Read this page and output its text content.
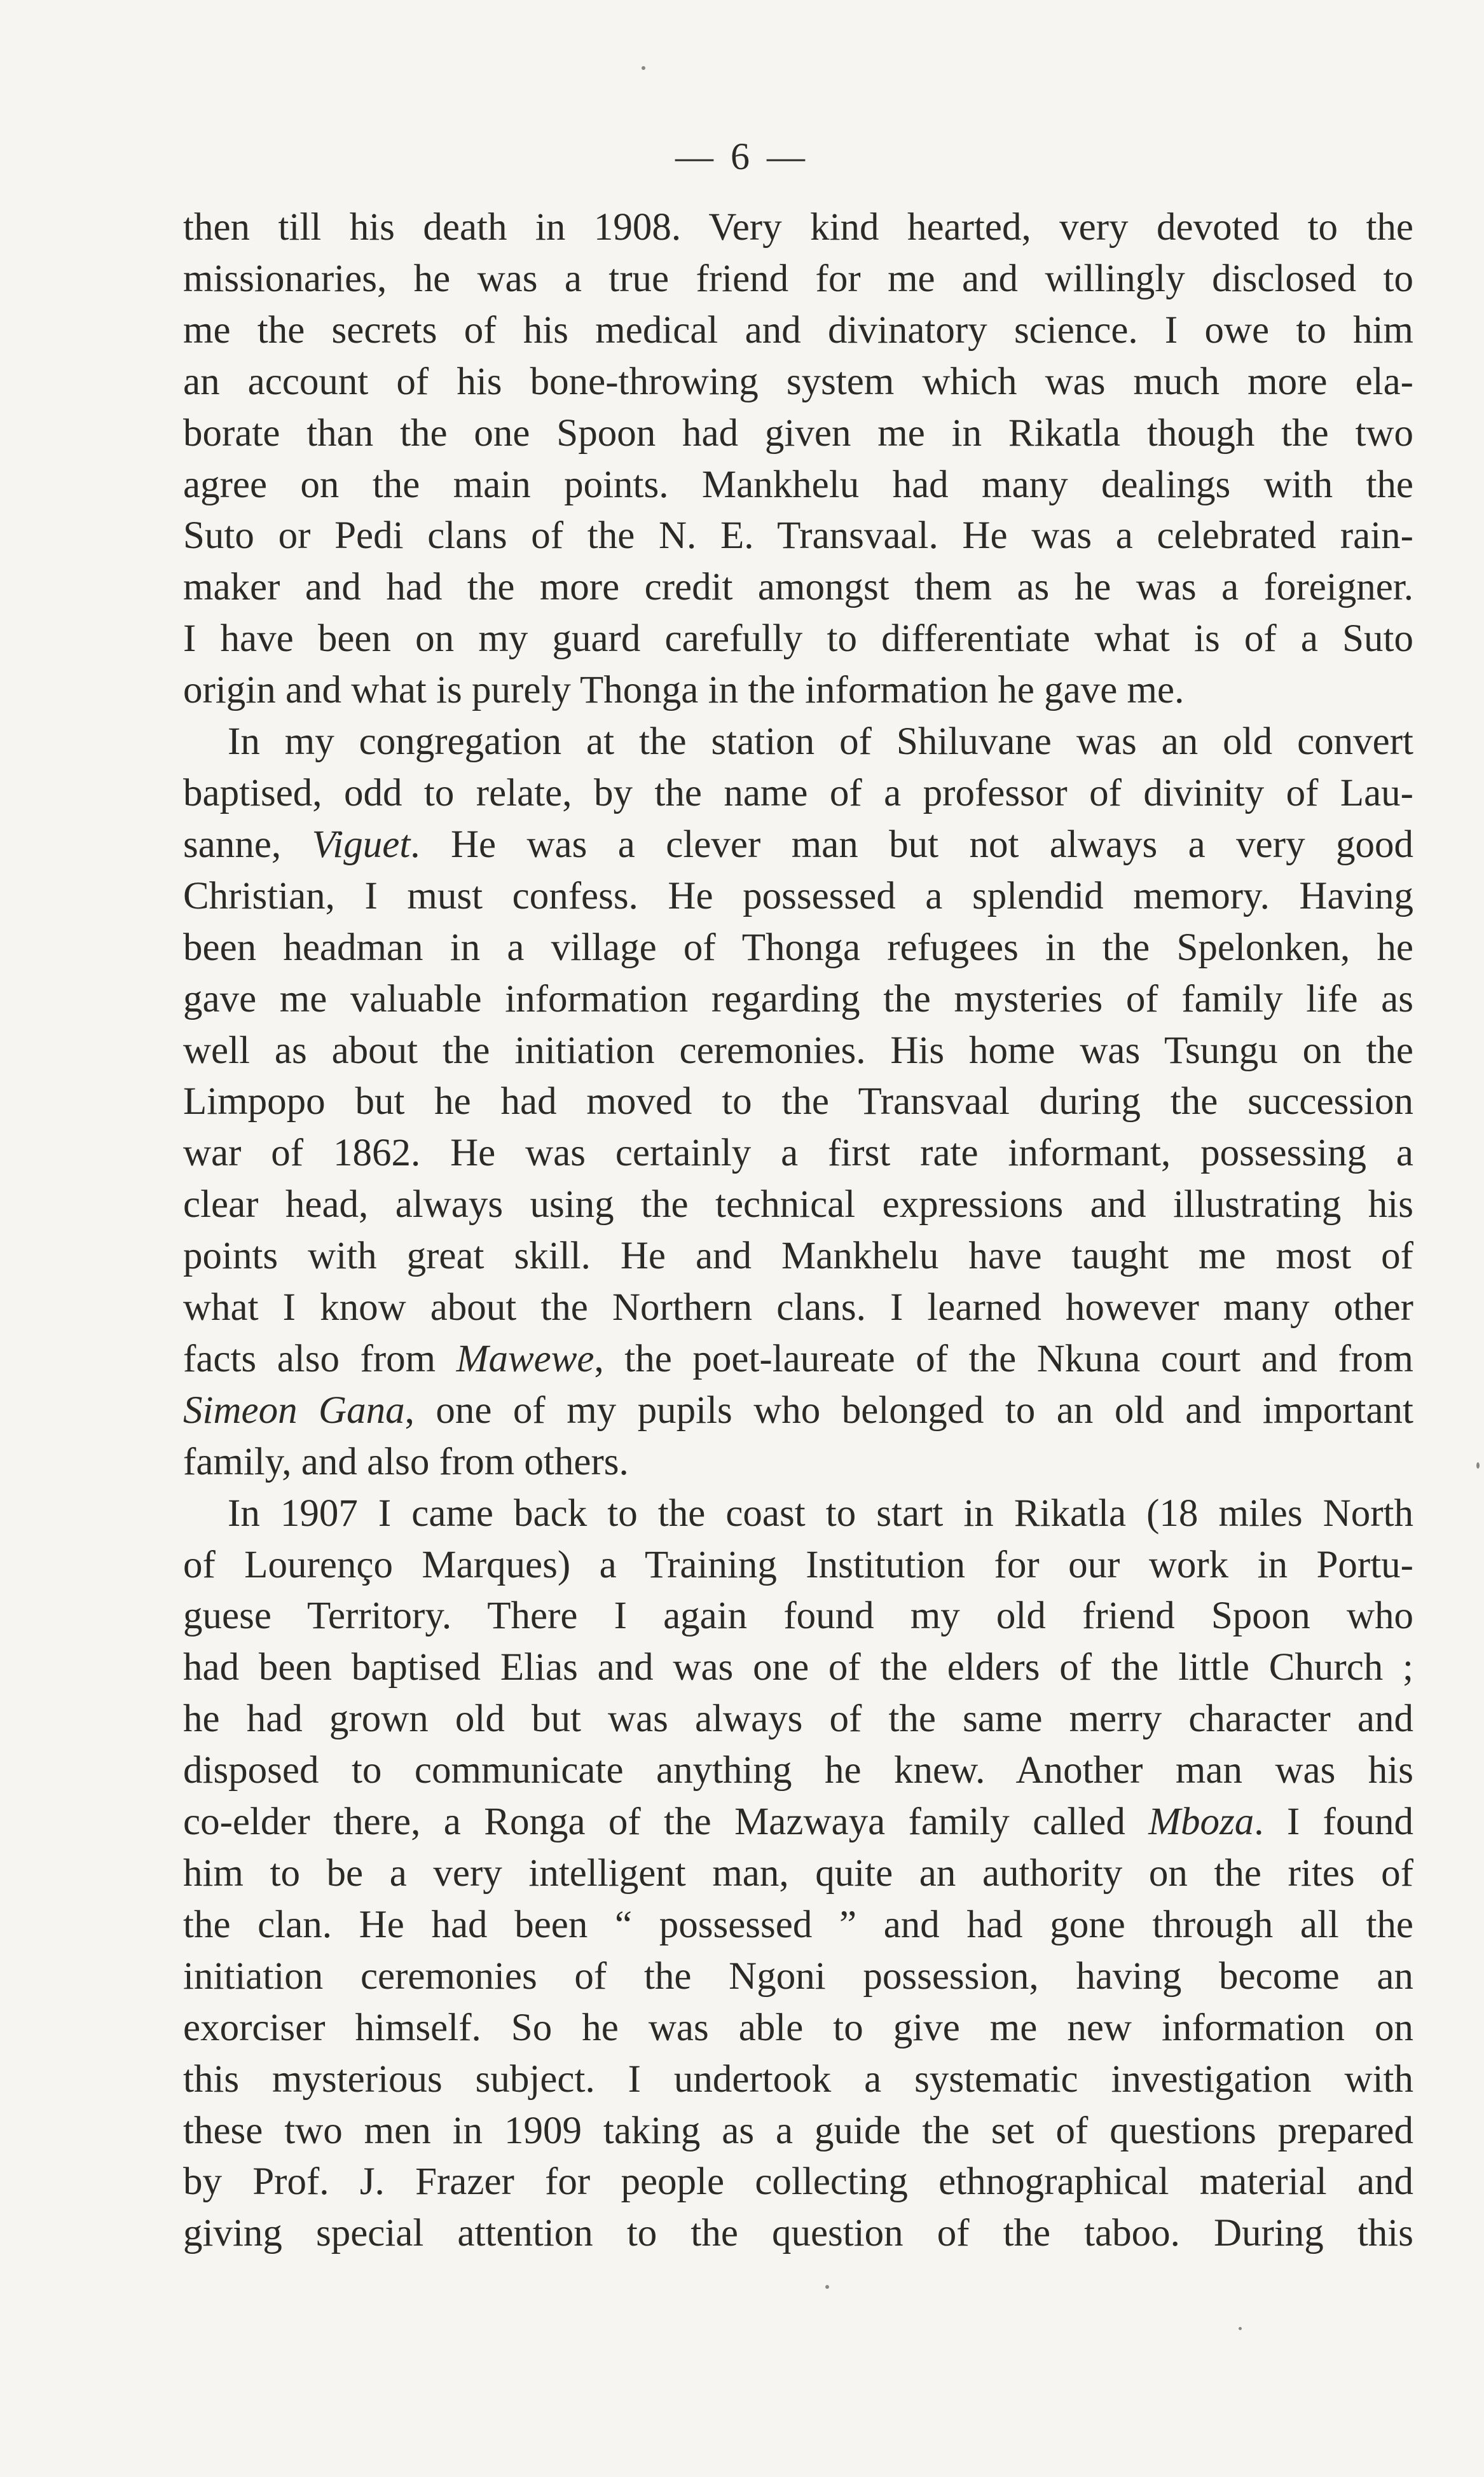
— 6 —
then till his death in 1908. Very kind hearted, very devoted to the
missionaries, he was a true friend for me and willingly disclosed to
me the secrets of his medical and divinatory science. I owe to him
an account of his bone-throwing system which was much more ela-
borate than the one Spoon had given me in Rikatla though the two
agree on the main points. Mankhelu had many dealings with the
Suto or Pedi clans of the N. E. Transvaal. He was a celebrated rain-
maker and had the more credit amongst them as he was a foreigner.
I have been on my guard carefully to differentiate what is of a Suto
origin and what is purely Thonga in the information he gave me.
In my congregation at the station of Shiluvane was an old convert
baptised, odd to relate, by the name of a professor of divinity of Lau-
sanne, Viguet. He was a clever man but not always a very good
Christian, I must confess. He possessed a splendid memory. Having
been headman in a village of Thonga refugees in the Spelonken, he
gave me valuable information regarding the mysteries of family life as
well as about the initiation ceremonies. His home was Tsungu on the
Limpopo but he had moved to the Transvaal during the succession
war of 1862. He was certainly a first rate informant, possessing a
clear head, always using the technical expressions and illustrating his
points with great skill. He and Mankhelu have taught me most of
what I know about the Northern clans. I learned however many other
facts also from Mawewe, the poet-laureate of the Nkuna court and from
Simeon Gana, one of my pupils who belonged to an old and important
family, and also from others.
In 1907 I came back to the coast to start in Rikatla (18 miles North
of Lourenço Marques) a Training Institution for our work in Portu-
guese Territory. There I again found my old friend Spoon who
had been baptised Elias and was one of the elders of the little Church ;
he had grown old but was always of the same merry character and
disposed to communicate anything he knew. Another man was his
co-elder there, a Ronga of the Mazwaya family called Mboza. I found
him to be a very intelligent man, quite an authority on the rites of
the clan. He had been “ possessed ” and had gone through all the
initiation ceremonies of the Ngoni possession, having become an
exorciser himself. So he was able to give me new information on
this mysterious subject. I undertook a systematic investigation with
these two men in 1909 taking as a guide the set of questions prepared
by Prof. J. Frazer for people collecting ethnographical material and
giving special attention to the question of the taboo. During this
